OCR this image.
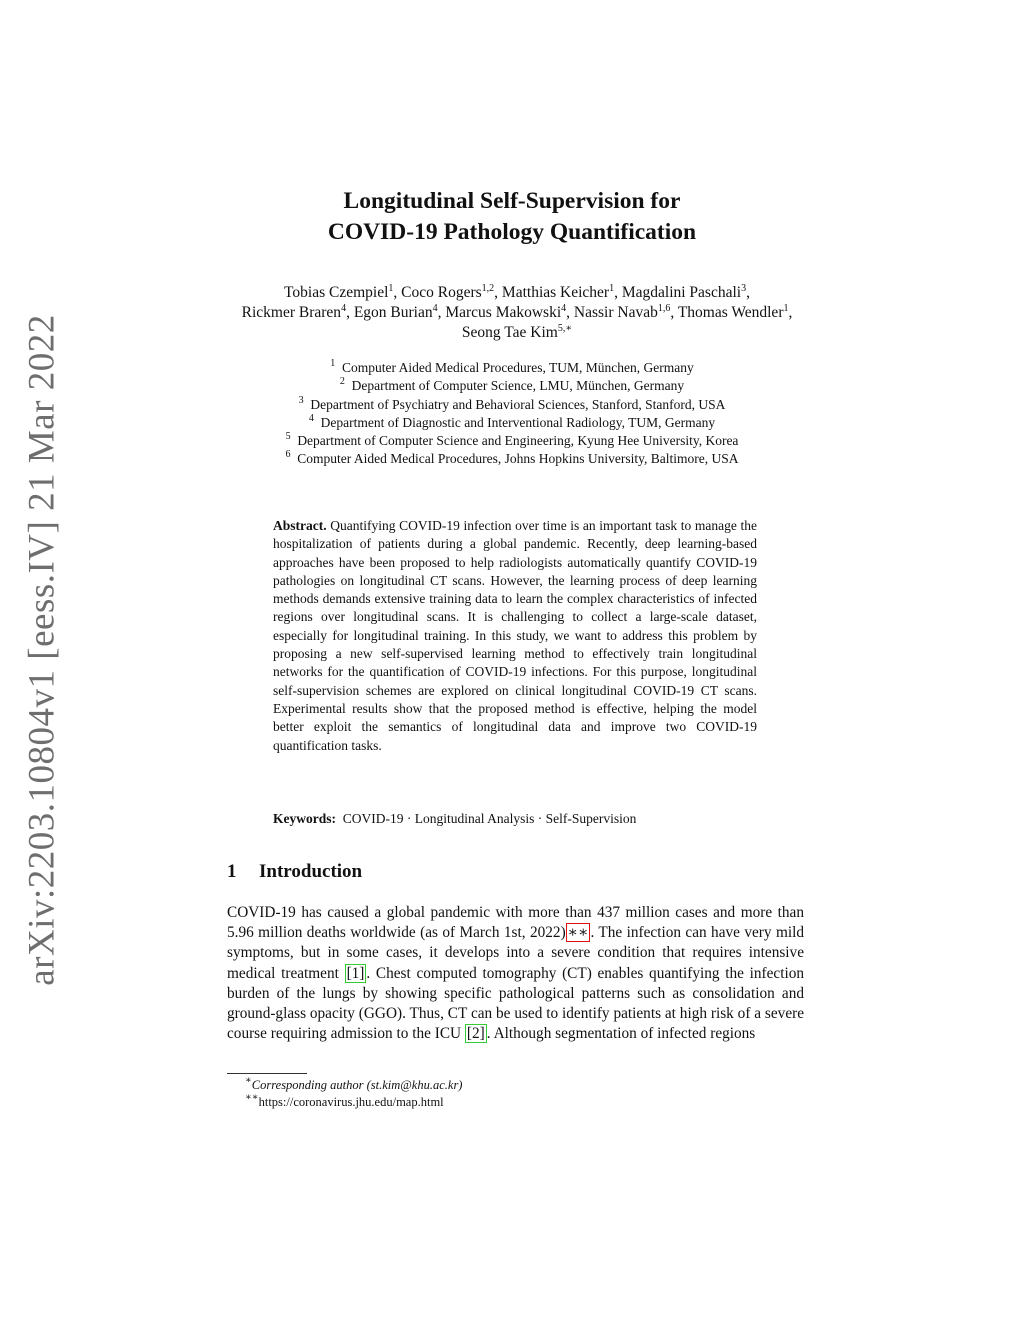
arXiv:2203.10804v1 [eess.IV] 21 Mar 2022
Longitudinal Self-Supervision for
COVID-19 Pathology Quantification
Tobias Czempiel$^1$, Coco Rogers$^{1,2}$, Matthias Keicher$^1$, Magdalini Paschali$^3$,
Rickmer Braren$^4$, Egon Burian$^4$, Marcus Makowski$^4$, Nassir Navab$^{1,6}$, Thomas Wendler$^1$, Seong Tae Kim$^{5,∗}$
$^1$ Computer Aided Medical Procedures, TUM, München, Germany
$^2$ Department of Computer Science, LMU, München, Germany
$^3$ Department of Psychiatry and Behavioral Sciences, Stanford, Stanford, USA
$^4$ Department of Diagnostic and Interventional Radiology, TUM, Germany
$^5$ Department of Computer Science and Engineering, Kyung Hee University, Korea
$^6$ Computer Aided Medical Procedures, Johns Hopkins University, Baltimore, USA
Abstract. Quantifying COVID-19 infection over time is an important task to manage the hospitalization of patients during a global pandemic. Recently, deep learning-based approaches have been proposed to help radiologists automatically quantify COVID-19 pathologies on longitudinal CT scans. However, the learning process of deep learning methods demands extensive training data to learn the complex characteristics of infected regions over longitudinal scans. It is challenging to collect a large-scale dataset, especially for longitudinal training. In this study, we want to address this problem by proposing a new self-supervised learning method to effectively train longitudinal networks for the quantification of COVID-19 infections. For this purpose, longitudinal self-supervision schemes are explored on clinical longitudinal COVID-19 CT scans. Experimental results show that the proposed method is effective, helping the model better exploit the semantics of longitudinal data and improve two COVID-19 quantification tasks.
Keywords: COVID-19 · Longitudinal Analysis · Self-Supervision
1 Introduction
COVID-19 has caused a global pandemic with more than 437 million cases and more than 5.96 million deaths worldwide (as of March 1st, 2022) ∗∗ . The infection can have very mild symptoms, but in some cases, it develops into a severe condition that requires intensive medical treatment [1] . Chest computed tomography (CT) enables quantifying the infection burden of the lungs by showing specific pathological patterns such as consolidation and ground-glass opacity (GGO). Thus, CT can be used to identify patients at high risk of a severe course requiring admission to the ICU [2] . Although segmentation of infected regions
∗Corresponding author (st.kim@khu.ac.kr)
∗∗https://coronavirus.jhu.edu/map.html
